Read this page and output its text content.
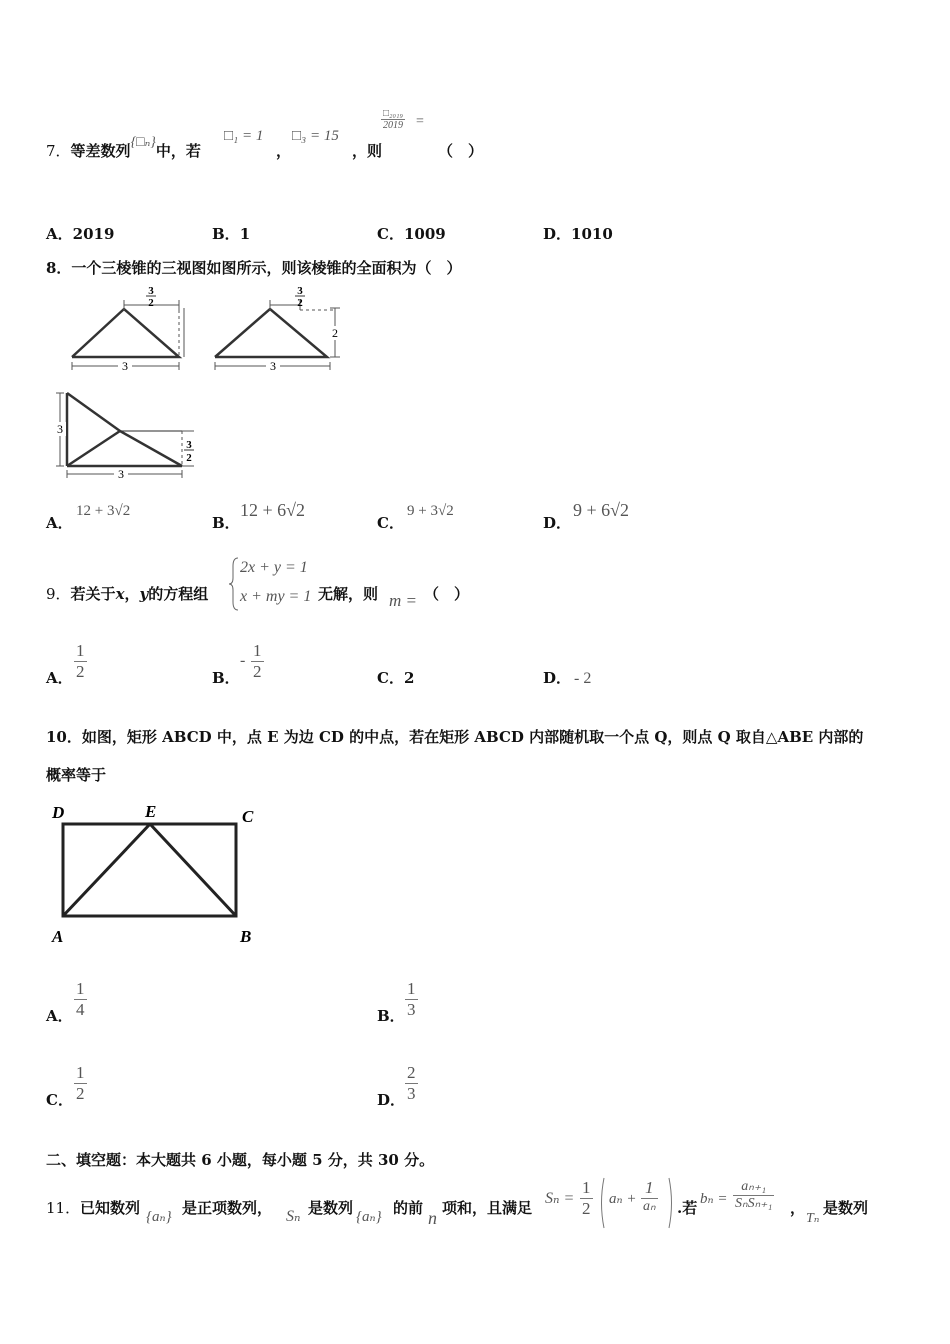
7．等差数列{□ₙ}中，若
□₁ = 1
，
□₃ = 15
，则
□₂₀₁₉
2019 =
（　）
A．2019	B．1	C．1009	D．1010
8．一个三棱锥的三视图如图所示，则该棱锥的全面积为（　）
3
2
3
2
3
2
3
3
3
3
2
A．
12 + 3√2
B．
12 + 6√2
C．
9 + 3√2
D．
9 + 6√2
9．若关于x，y的方程组
2x + y = 1
x + my = 1 无解，则 m = （　）
A． $\frac{1}{2}$	B．
- $\frac{1}{2}$	C．2	D． - 2
10．如图，矩形 ABCD 中，点 E 为边 CD 的中点，若在矩形 ABCD 内部随机取一个点 Q，则点 Q 取自△ABE 内部的
概率等于
D	E	C
A	B
A． $\frac{1}{4}$	B． $\frac{1}{3}$
C． $\frac{1}{2}$	D． $\frac{2}{3}$
二、填空题：本大题共 6 小题，每小题 5 分，共 30 分。
11． 已知数列 {aₙ} 是正项数列， Sₙ 是数列 {aₙ} 的前 n 项和，且满足
$S_n = \frac{1}{2}$ $a_n + \frac{1}{\text{aₙ}}$ .若 $b_n = \frac{\text{aₙ₊₁}}{\text{SₙSₙ₊₁}}$ ，
Tₙ
是数列
